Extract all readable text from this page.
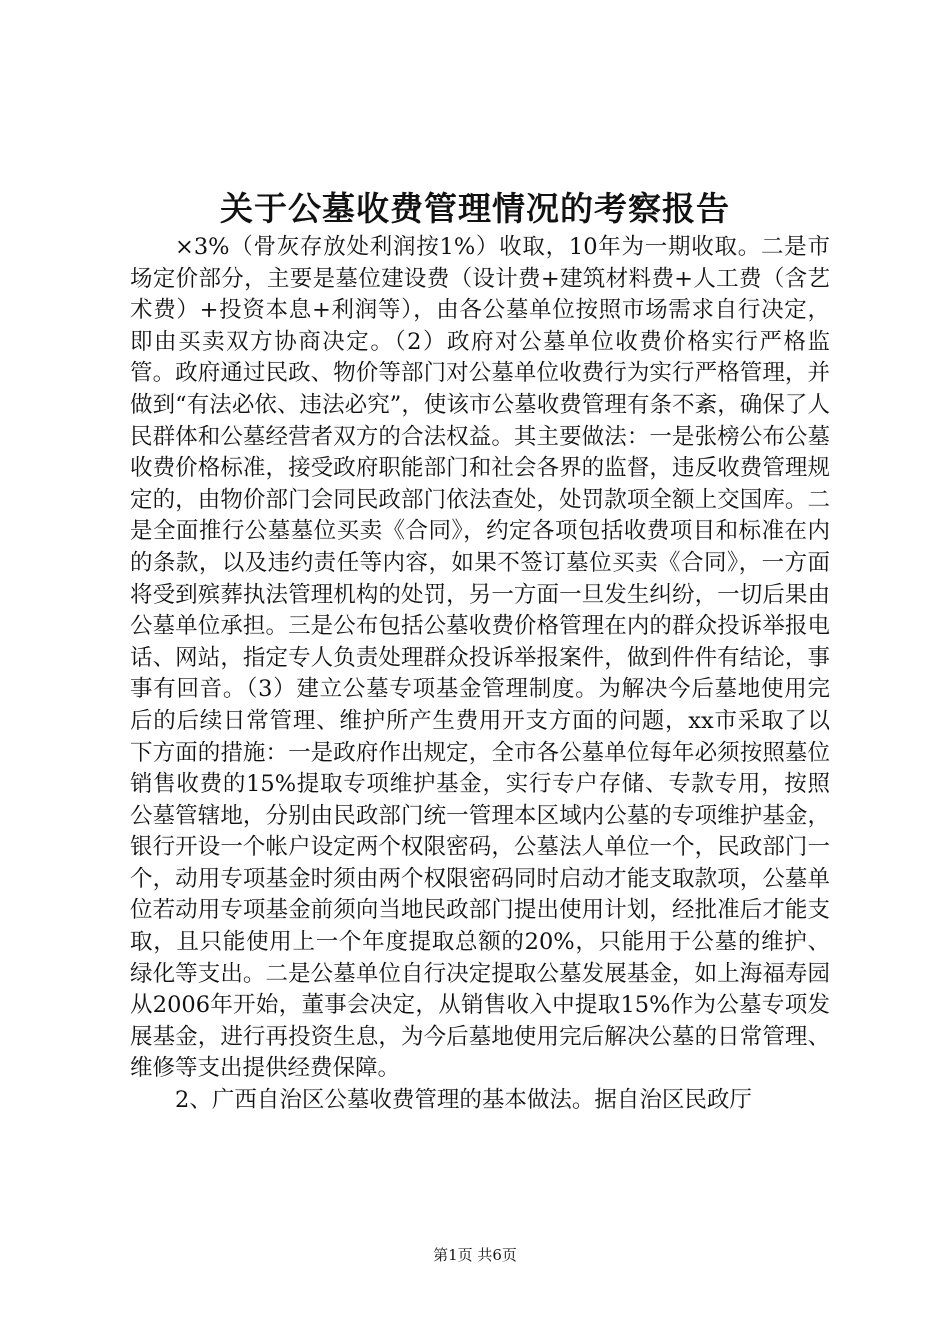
关于公墓收费管理情况的考察报告

×3%（骨灰存放处利润按1%）收取，10年为一期收取。二是市场定价部分，主要是墓位建设费（设计费+建筑材料费+人工费（含艺术费）+投资本息+利润等），由各公墓单位按照市场需求自行决定，即由买卖双方协商决定。（2）政府对公墓单位收费价格实行严格监管。政府通过民政、物价等部门对公墓单位收费行为实行严格管理，并做到“有法必依、违法必究”，使该市公墓收费管理有条不紊，确保了人民群体和公墓经营者双方的合法权益。其主要做法：一是张榜公布公墓收费价格标准，接受政府职能部门和社会各界的监督，违反收费管理规定的，由物价部门会同民政部门依法查处，处罚款项全额上交国库。二是全面推行公墓墓位买卖《合同》，约定各项包括收费项目和标准在内的条款，以及违约责任等内容，如果不签订墓位买卖《合同》，一方面将受到殡葬执法管理机构的处罚，另一方面一旦发生纠纷，一切后果由公墓单位承担。三是公布包括公墓收费价格管理在内的群众投诉举报电话、网站，指定专人负责处理群众投诉举报案件，做到件件有结论，事事有回音。（3）建立公墓专项基金管理制度。为解决今后墓地使用完后的后续日常管理、维护所产生费用开支方面的问题，xx市采取了以下方面的措施：一是政府作出规定，全市各公墓单位每年必须按照墓位销售收费的15%提取专项维护基金，实行专户存储、专款专用，按照公墓管辖地，分别由民政部门统一管理本区域内公墓的专项维护基金，银行开设一个帐户设定两个权限密码，公墓法人单位一个，民政部门一个，动用专项基金时须由两个权限密码同时启动才能支取款项，公墓单位若动用专项基金前须向当地民政部门提出使用计划，经批准后才能支取，且只能使用上一个年度提取总额的20%，只能用于公墓的维护、绿化等支出。二是公墓单位自行决定提取公墓发展基金，如上海福寿园从2006年开始，董事会决定，从销售收入中提取15%作为公墓专项发展基金，进行再投资生息，为今后墓地使用完后解决公墓的日常管理、维修等支出提供经费保障。

2、广西自治区公墓收费管理的基本做法。据自治区民政厅

第1页 共6页
